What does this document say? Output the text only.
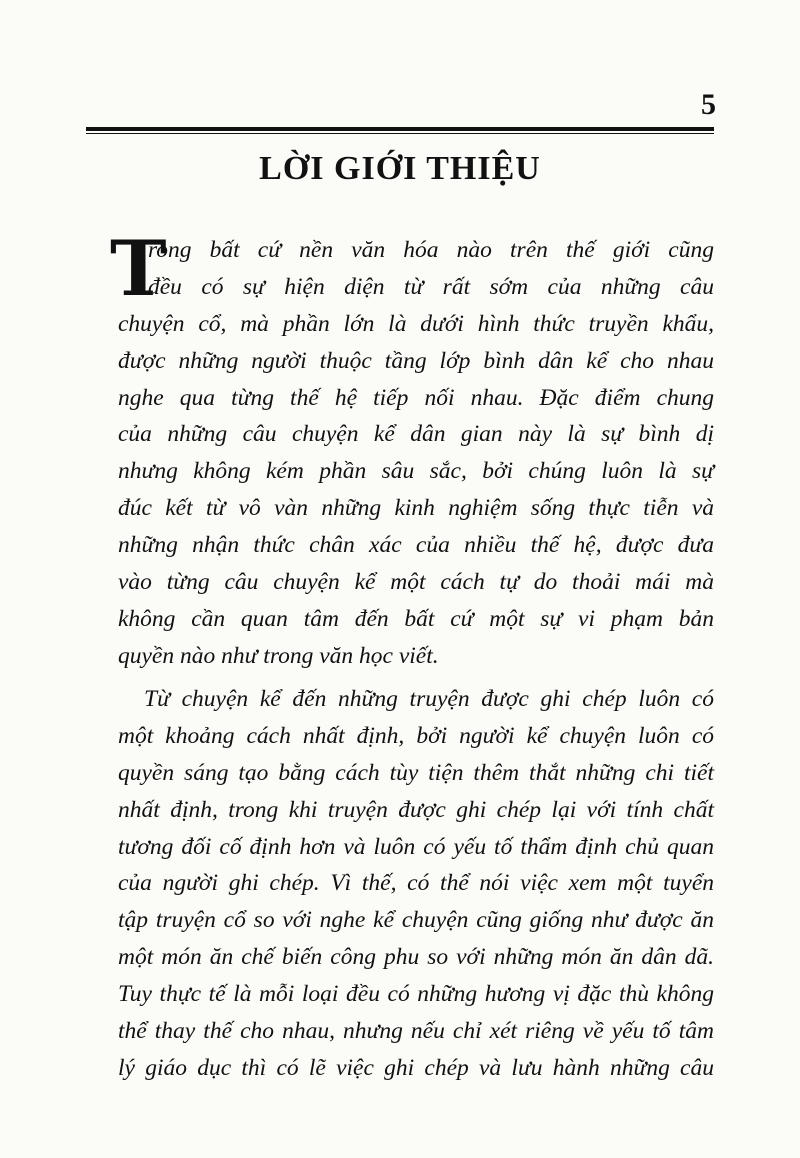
5
LỜI GIỚI THIỆU
T
rong bất cứ nền văn hóa nào trên thế giới cũng
đều có sự hiện diện từ rất sớm của những câu
chuyện cổ, mà phần lớn là dưới hình thức truyền khẩu,
được những người thuộc tầng lớp bình dân kể cho nhau
nghe qua từng thế hệ tiếp nối nhau. Đặc điểm chung
của những câu chuyện kể dân gian này là sự bình dị
nhưng không kém phần sâu sắc, bởi chúng luôn là sự
đúc kết từ vô vàn những kinh nghiệm sống thực tiễn và
những nhận thức chân xác của nhiều thế hệ, được đưa
vào từng câu chuyện kể một cách tự do thoải mái mà
không cần quan tâm đến bất cứ một sự vi phạm bản
quyền nào như trong văn học viết.
Từ chuyện kể đến những truyện được ghi chép luôn có
một khoảng cách nhất định, bởi người kể chuyện luôn có
quyền sáng tạo bằng cách tùy tiện thêm thắt những chi tiết
nhất định, trong khi truyện được ghi chép lại với tính chất
tương đối cố định hơn và luôn có yếu tố thẩm định chủ quan
của người ghi chép. Vì thế, có thể nói việc xem một tuyển
tập truyện cổ so với nghe kể chuyện cũng giống như được ăn
một món ăn chế biến công phu so với những món ăn dân dã.
Tuy thực tế là mỗi loại đều có những hương vị đặc thù không
thể thay thế cho nhau, nhưng nếu chỉ xét riêng về yếu tố tâm
lý giáo dục thì có lẽ việc ghi chép và lưu hành những câu
